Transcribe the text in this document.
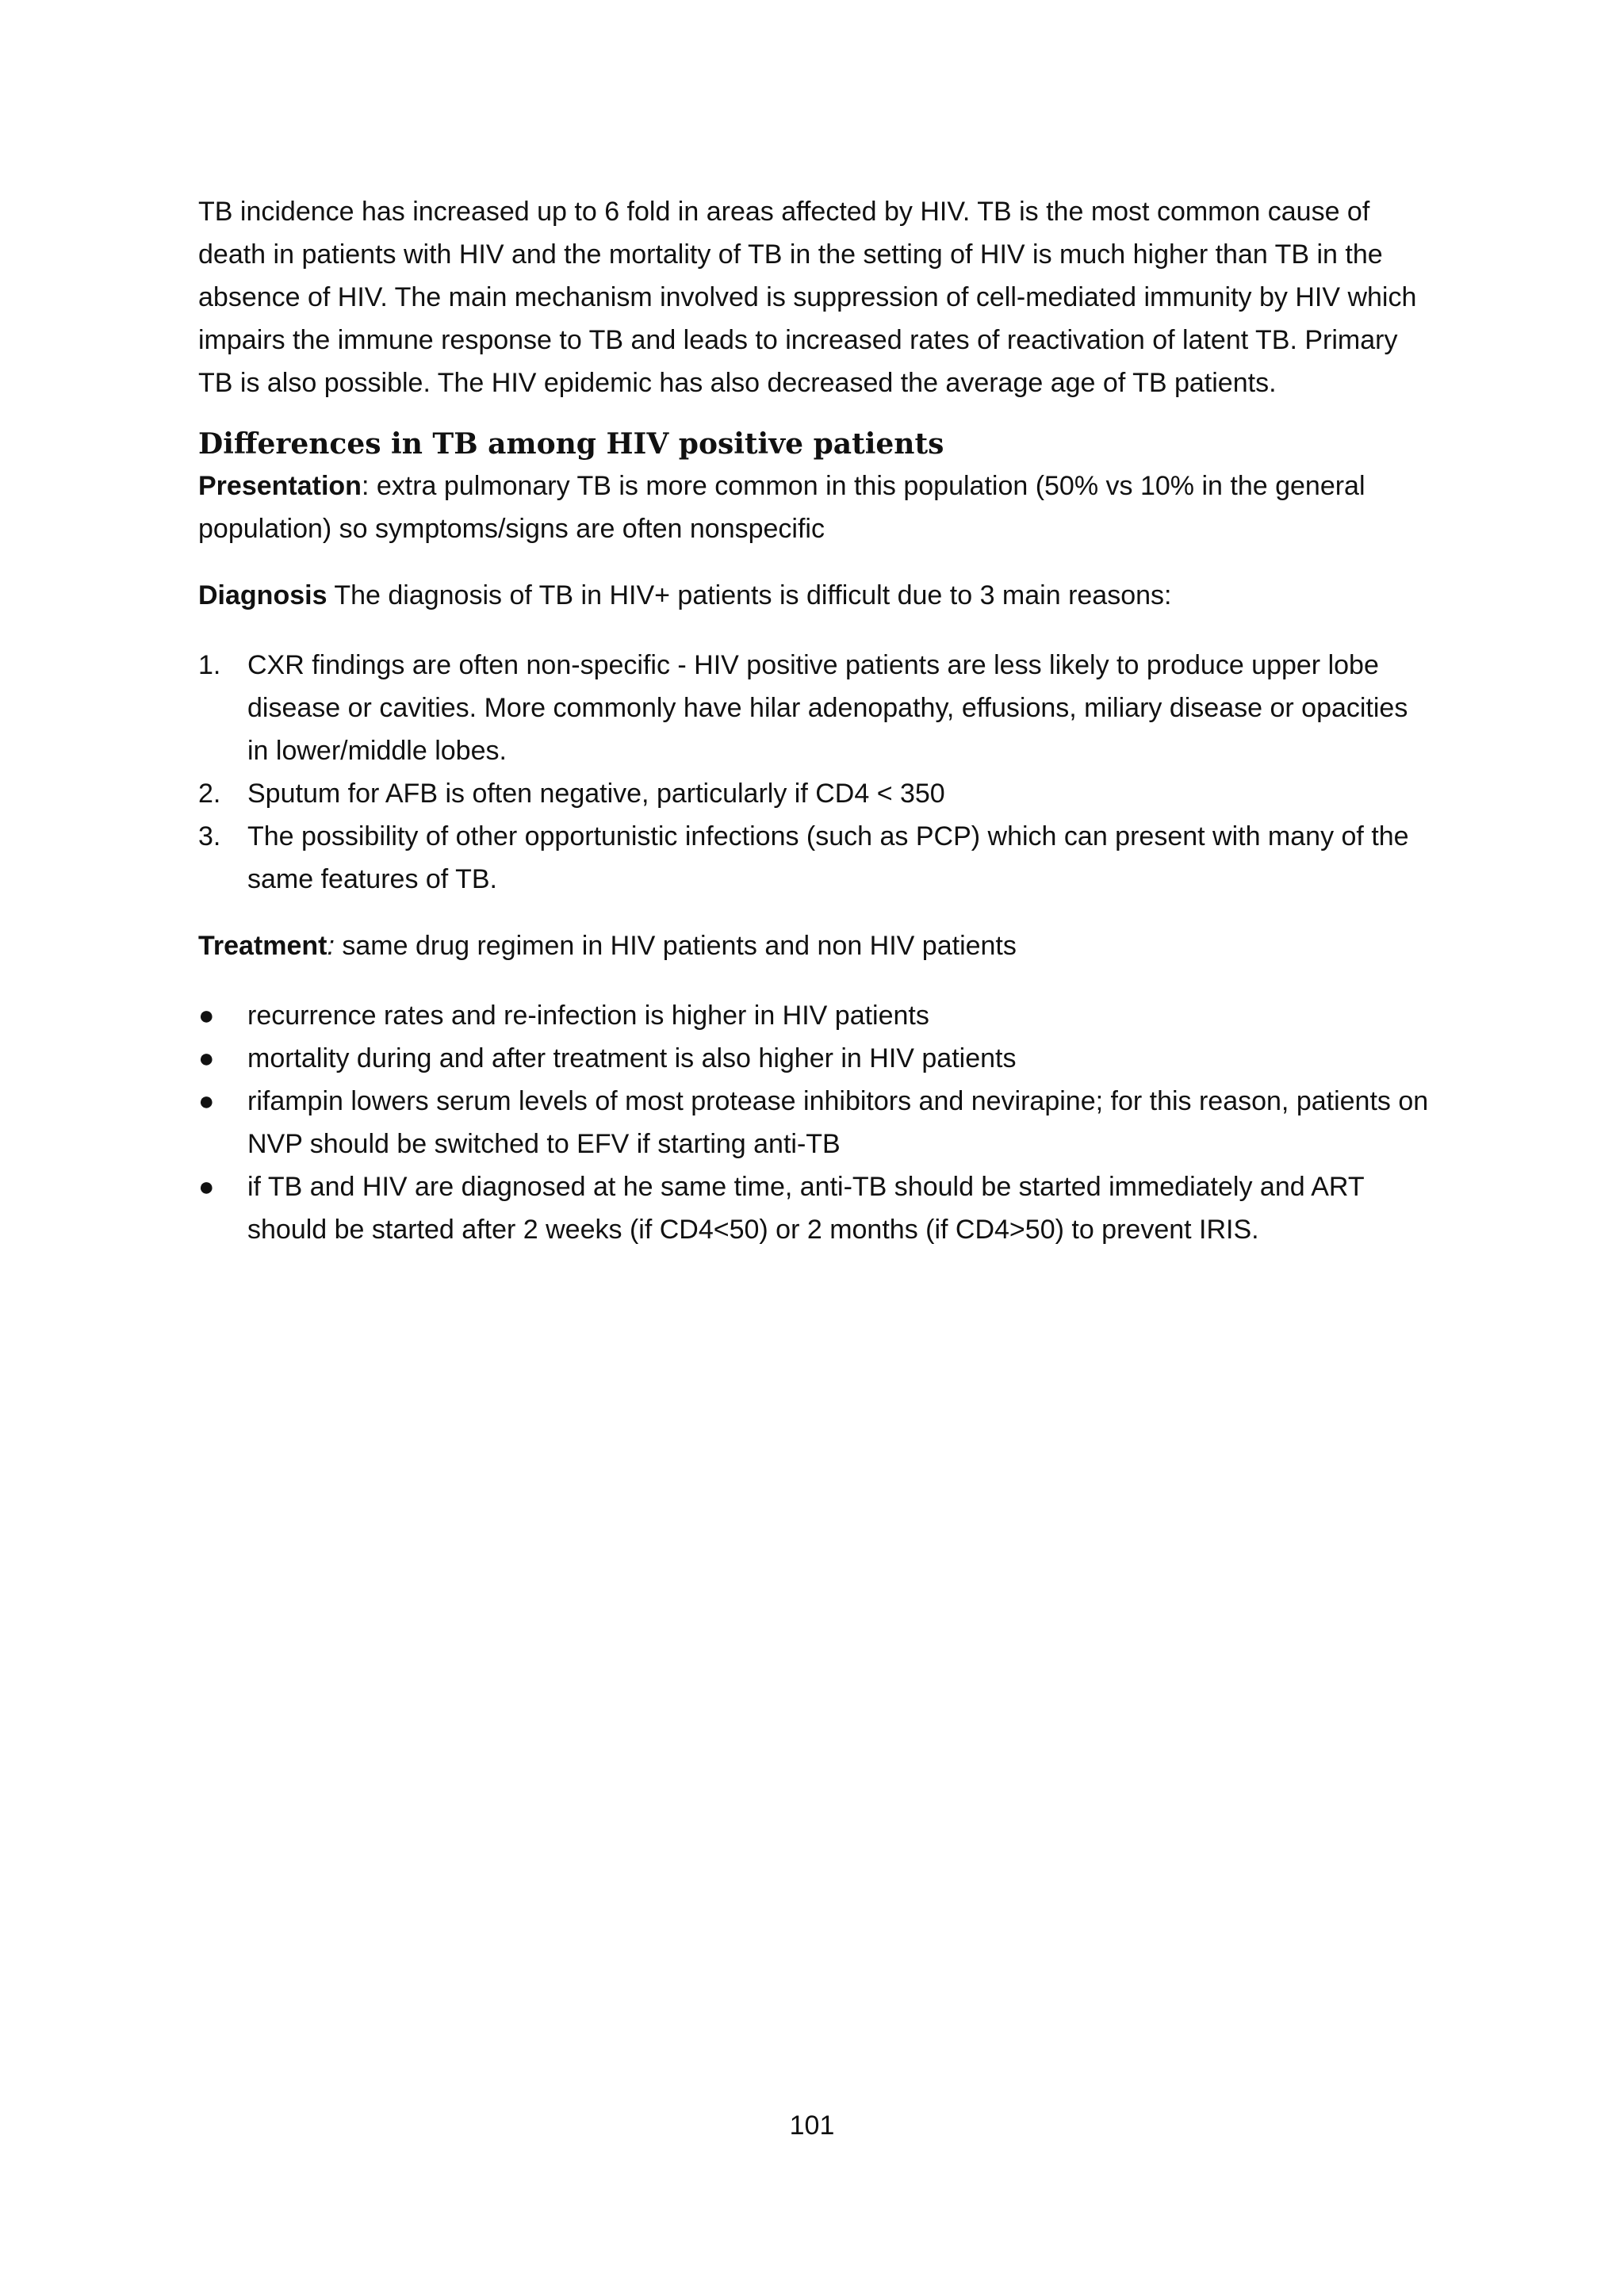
TB incidence has increased up to 6 fold in areas affected by HIV. TB is the most common cause of death in patients with HIV and the mortality of TB in the setting of HIV is much higher than TB in the absence of HIV. The main mechanism involved is suppression of cell-mediated immunity by HIV which impairs the immune response to TB and leads to increased rates of reactivation of latent TB. Primary TB is also possible. The HIV epidemic has also decreased the average age of TB patients.

Differences in TB among HIV positive patients

Presentation: extra pulmonary TB is more common in this population (50% vs 10% in the general population) so symptoms/signs are often nonspecific

Diagnosis The diagnosis of TB in HIV+ patients is difficult due to 3 main reasons:

1. CXR findings are often non-specific - HIV positive patients are less likely to produce upper lobe disease or cavities. More commonly have hilar adenopathy, effusions, miliary disease or opacities in lower/middle lobes.
2. Sputum for AFB is often negative, particularly if CD4 < 350
3. The possibility of other opportunistic infections (such as PCP) which can present with many of the same features of TB.

Treatment: same drug regimen in HIV patients and non HIV patients

●	recurrence rates and re-infection is higher in HIV patients
●	mortality during and after treatment is also higher in HIV patients
●	rifampin lowers serum levels of most protease inhibitors and nevirapine; for this reason, patients on NVP should be switched to EFV if starting anti-TB
●	if TB and HIV are diagnosed at he same time, anti-TB should be started immediately and ART should be started after 2 weeks (if CD4<50) or 2 months (if CD4>50) to prevent IRIS.
101
